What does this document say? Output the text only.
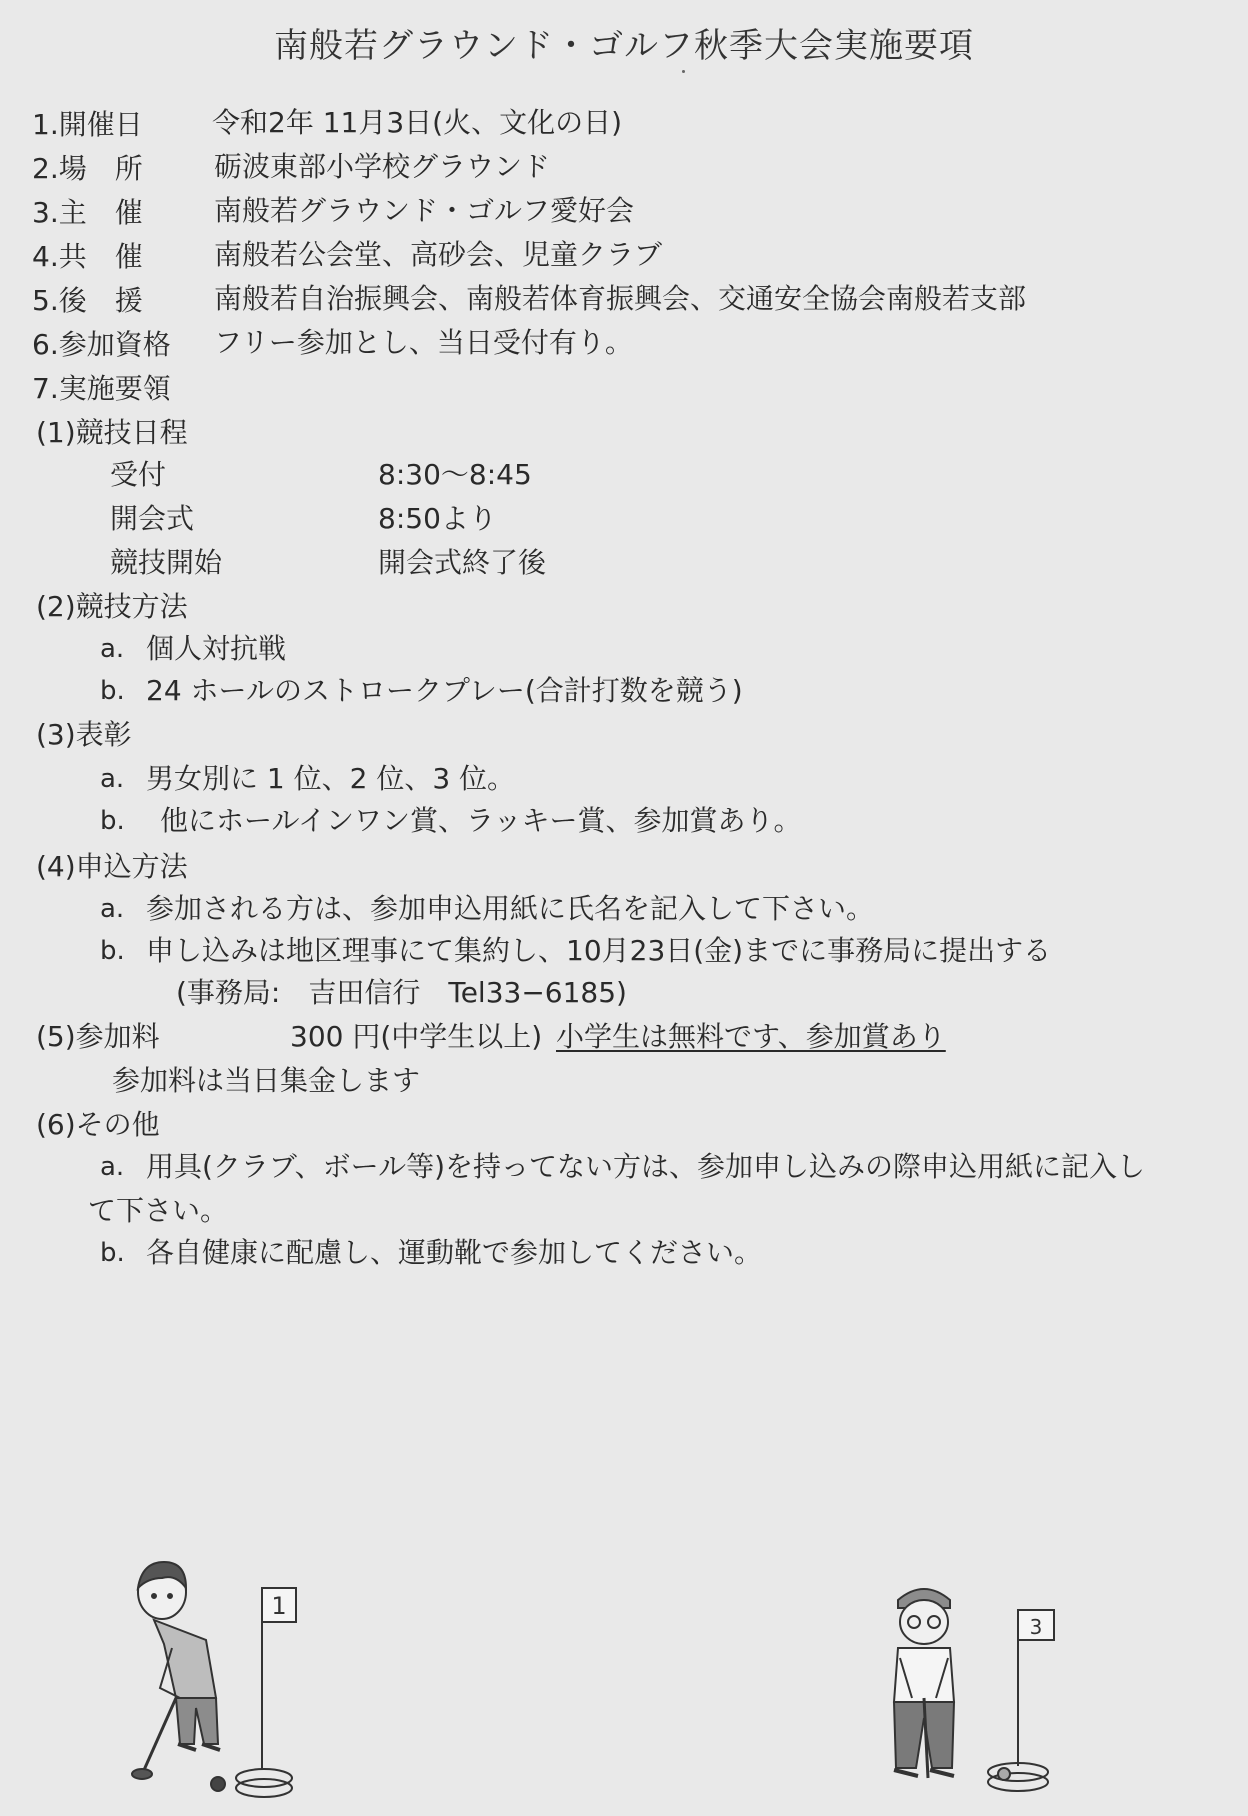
南般若グラウンド・ゴルフ秋季大会実施要項
1.開催日 令和2年 11月3日(火、文化の日)
2.場　所	砺波東部小学校グラウンド
3.主　催	南般若グラウンド・ゴルフ愛好会
4.共　催	南般若公会堂、高砂会、児童クラブ
5.後　援	南般若自治振興会、南般若体育振興会、交通安全協会南般若支部
6.参加資格 フリー参加とし、当日受付有り。
7.実施要領
(1)競技日程
受付	8:30〜8:45
開会式	8:50より
競技開始	開会式終了後
(2)競技方法
a. 個人対抗戦
b. 24 ホールのストロークプレー(合計打数を競う)
(3)表彰
a. 男女別に 1 位、2 位、3 位。
b. 他にホールインワン賞、ラッキー賞、参加賞あり。
(4)申込方法
a. 参加される方は、参加申込用紙に氏名を記入して下さい。
b. 申し込みは地区理事にて集約し、10月23日(金)までに事務局に提出する
(事務局:　吉田信行　Tel33−6185)
(5)参加料	300 円(中学生以上) 小学生は無料です、参加賞あり
参加料は当日集金します
(6)その他
a. 用具(クラブ、ボール等)を持ってない方は、参加申し込みの際申込用紙に記入し
て下さい。
b. 各自健康に配慮し、運動靴で参加してください。
1
3
